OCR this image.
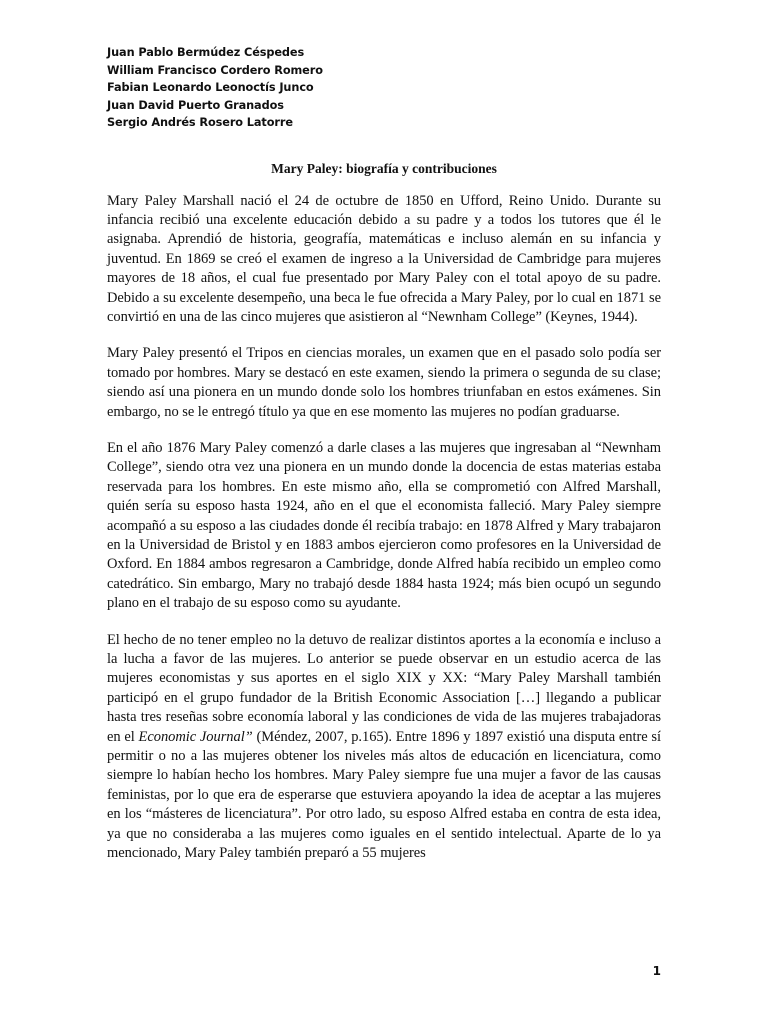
Juan Pablo Bermúdez Céspedes
William Francisco Cordero Romero
Fabian Leonardo Leonoctís Junco
Juan David Puerto Granados
Sergio Andrés Rosero Latorre
Mary Paley: biografía y contribuciones

Mary Paley Marshall nació el 24 de octubre de 1850 en Ufford, Reino Unido. Durante su infancia recibió una excelente educación debido a su padre y a todos los tutores que él le asignaba. Aprendió de historia, geografía, matemáticas e incluso alemán en su infancia y juventud. En 1869 se creó el examen de ingreso a la Universidad de Cambridge para mujeres mayores de 18 años, el cual fue presentado por Mary Paley con el total apoyo de su padre. Debido a su excelente desempeño, una beca le fue ofrecida a Mary Paley, por lo cual en 1871 se convirtió en una de las cinco mujeres que asistieron al “Newnham College” (Keynes, 1944).

Mary Paley presentó el Tripos en ciencias morales, un examen que en el pasado solo podía ser tomado por hombres. Mary se destacó en este examen, siendo la primera o segunda de su clase; siendo así una pionera en un mundo donde solo los hombres triunfaban en estos exámenes. Sin embargo, no se le entregó título ya que en ese momento las mujeres no podían graduarse.

En el año 1876 Mary Paley comenzó a darle clases a las mujeres que ingresaban al “Newnham College”, siendo otra vez una pionera en un mundo donde la docencia de estas materias estaba reservada para los hombres. En este mismo año, ella se comprometió con Alfred Marshall, quién sería su esposo hasta 1924, año en el que el economista falleció. Mary Paley siempre acompañó a su esposo a las ciudades donde él recibía trabajo: en 1878 Alfred y Mary trabajaron en la Universidad de Bristol y en 1883 ambos ejercieron como profesores en la Universidad de Oxford. En 1884 ambos regresaron a Cambridge, donde Alfred había recibido un empleo como catedrático. Sin embargo, Mary no trabajó desde 1884 hasta 1924; más bien ocupó un segundo plano en el trabajo de su esposo como su ayudante.

El hecho de no tener empleo no la detuvo de realizar distintos aportes a la economía e incluso a la lucha a favor de las mujeres. Lo anterior se puede observar en un estudio acerca de las mujeres economistas y sus aportes en el siglo XIX y XX: “Mary Paley Marshall también participó en el grupo fundador de la British Economic Association […] llegando a publicar hasta tres reseñas sobre economía laboral y las condiciones de vida de las mujeres trabajadoras en el Economic Journal” (Méndez, 2007, p.165). Entre 1896 y 1897 existió una disputa entre sí permitir o no a las mujeres obtener los niveles más altos de educación en licenciatura, como siempre lo habían hecho los hombres. Mary Paley siempre fue una mujer a favor de las causas feministas, por lo que era de esperarse que estuviera apoyando la idea de aceptar a las mujeres en los “másteres de licenciatura”. Por otro lado, su esposo Alfred estaba en contra de esta idea, ya que no consideraba a las mujeres como iguales en el sentido intelectual. Aparte de lo ya mencionado, Mary Paley también preparó a 55 mujeres

1
